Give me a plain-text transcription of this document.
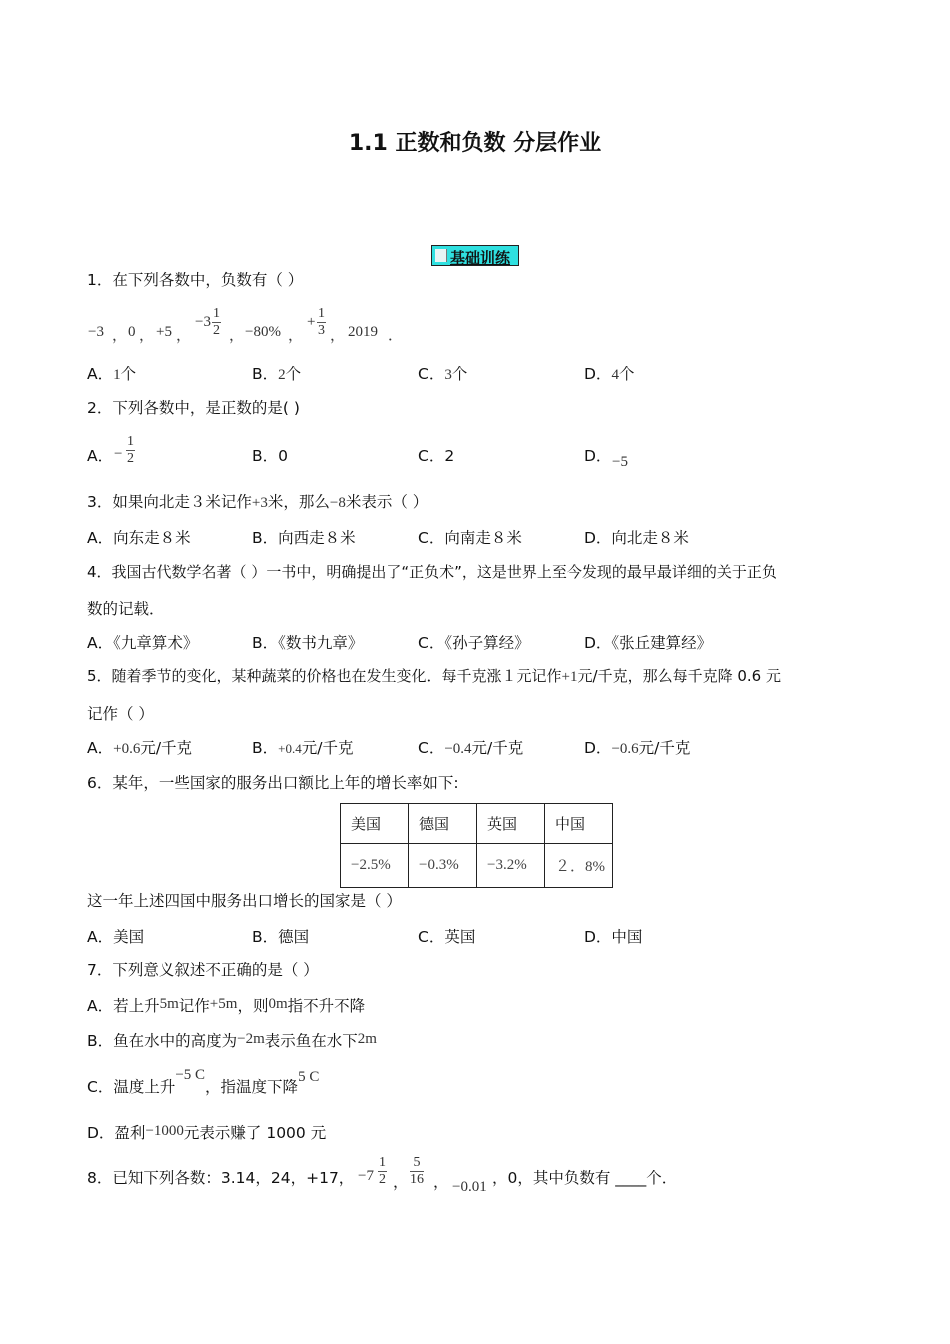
1.1 正数和负数 分层作业
基础训练
1．在下列各数中，负数有（ ）
−3 ， 0 ， +5 ，
$-3 \frac{1}{2}$ ， −80% ，
+ $\frac{1}{3}$ ， 2019 ．
A．1个	B．2个	C．3个	D．4个
2．下列各数中，是正数的是( )
A． − $\frac{1}{2}$	B．0	C．2	D． −5
3．如果向北走３米记作+3米，那么−8米表示（ ）
A．向东走８米	B．向西走８米	C．向南走８米	D．向北走８米
4．我国古代数学名著（ ）一书中，明确提出了“正负术”，这是世界上至今发现的最早最详细的关于正负
数的记载．
A．《九章算术》	B．《数书九章》	C．《孙子算经》	D．《张丘建算经》
5．随着季节的变化，某种蔬菜的价格也在发生变化．每千克涨１元记作+1元/千克，那么每千克降 0.6 元
记作（ ）
A．+0.6元/千克	B．+0.4元/千克	C．−0.4元/千克	D．−0.6元/千克
6．某年，一些国家的服务出口额比上年的增长率如下:
美国	德国	英国	中国
−2.5%	−0.3%	−3.2%	２．8%
这一年上述四国中服务出口增长的国家是（ ）
A．美国	B．德国	C．英国	D．中国
7．下列意义叙述不正确的是（ ）
A．若上升5m记作+5m，则0m指不升不降
B．鱼在水中的高度为−2m表示鱼在水下2m
C．温度上升−5 C，指温度下降5 C
D．盈利−1000元表示赚了 1000 元
8．已知下列各数：3.14，24，+17， $-7 \frac{1}{2}$ ， $\frac{5}{16}$ ， −0.01 ，0，其中负数有 ____个．
